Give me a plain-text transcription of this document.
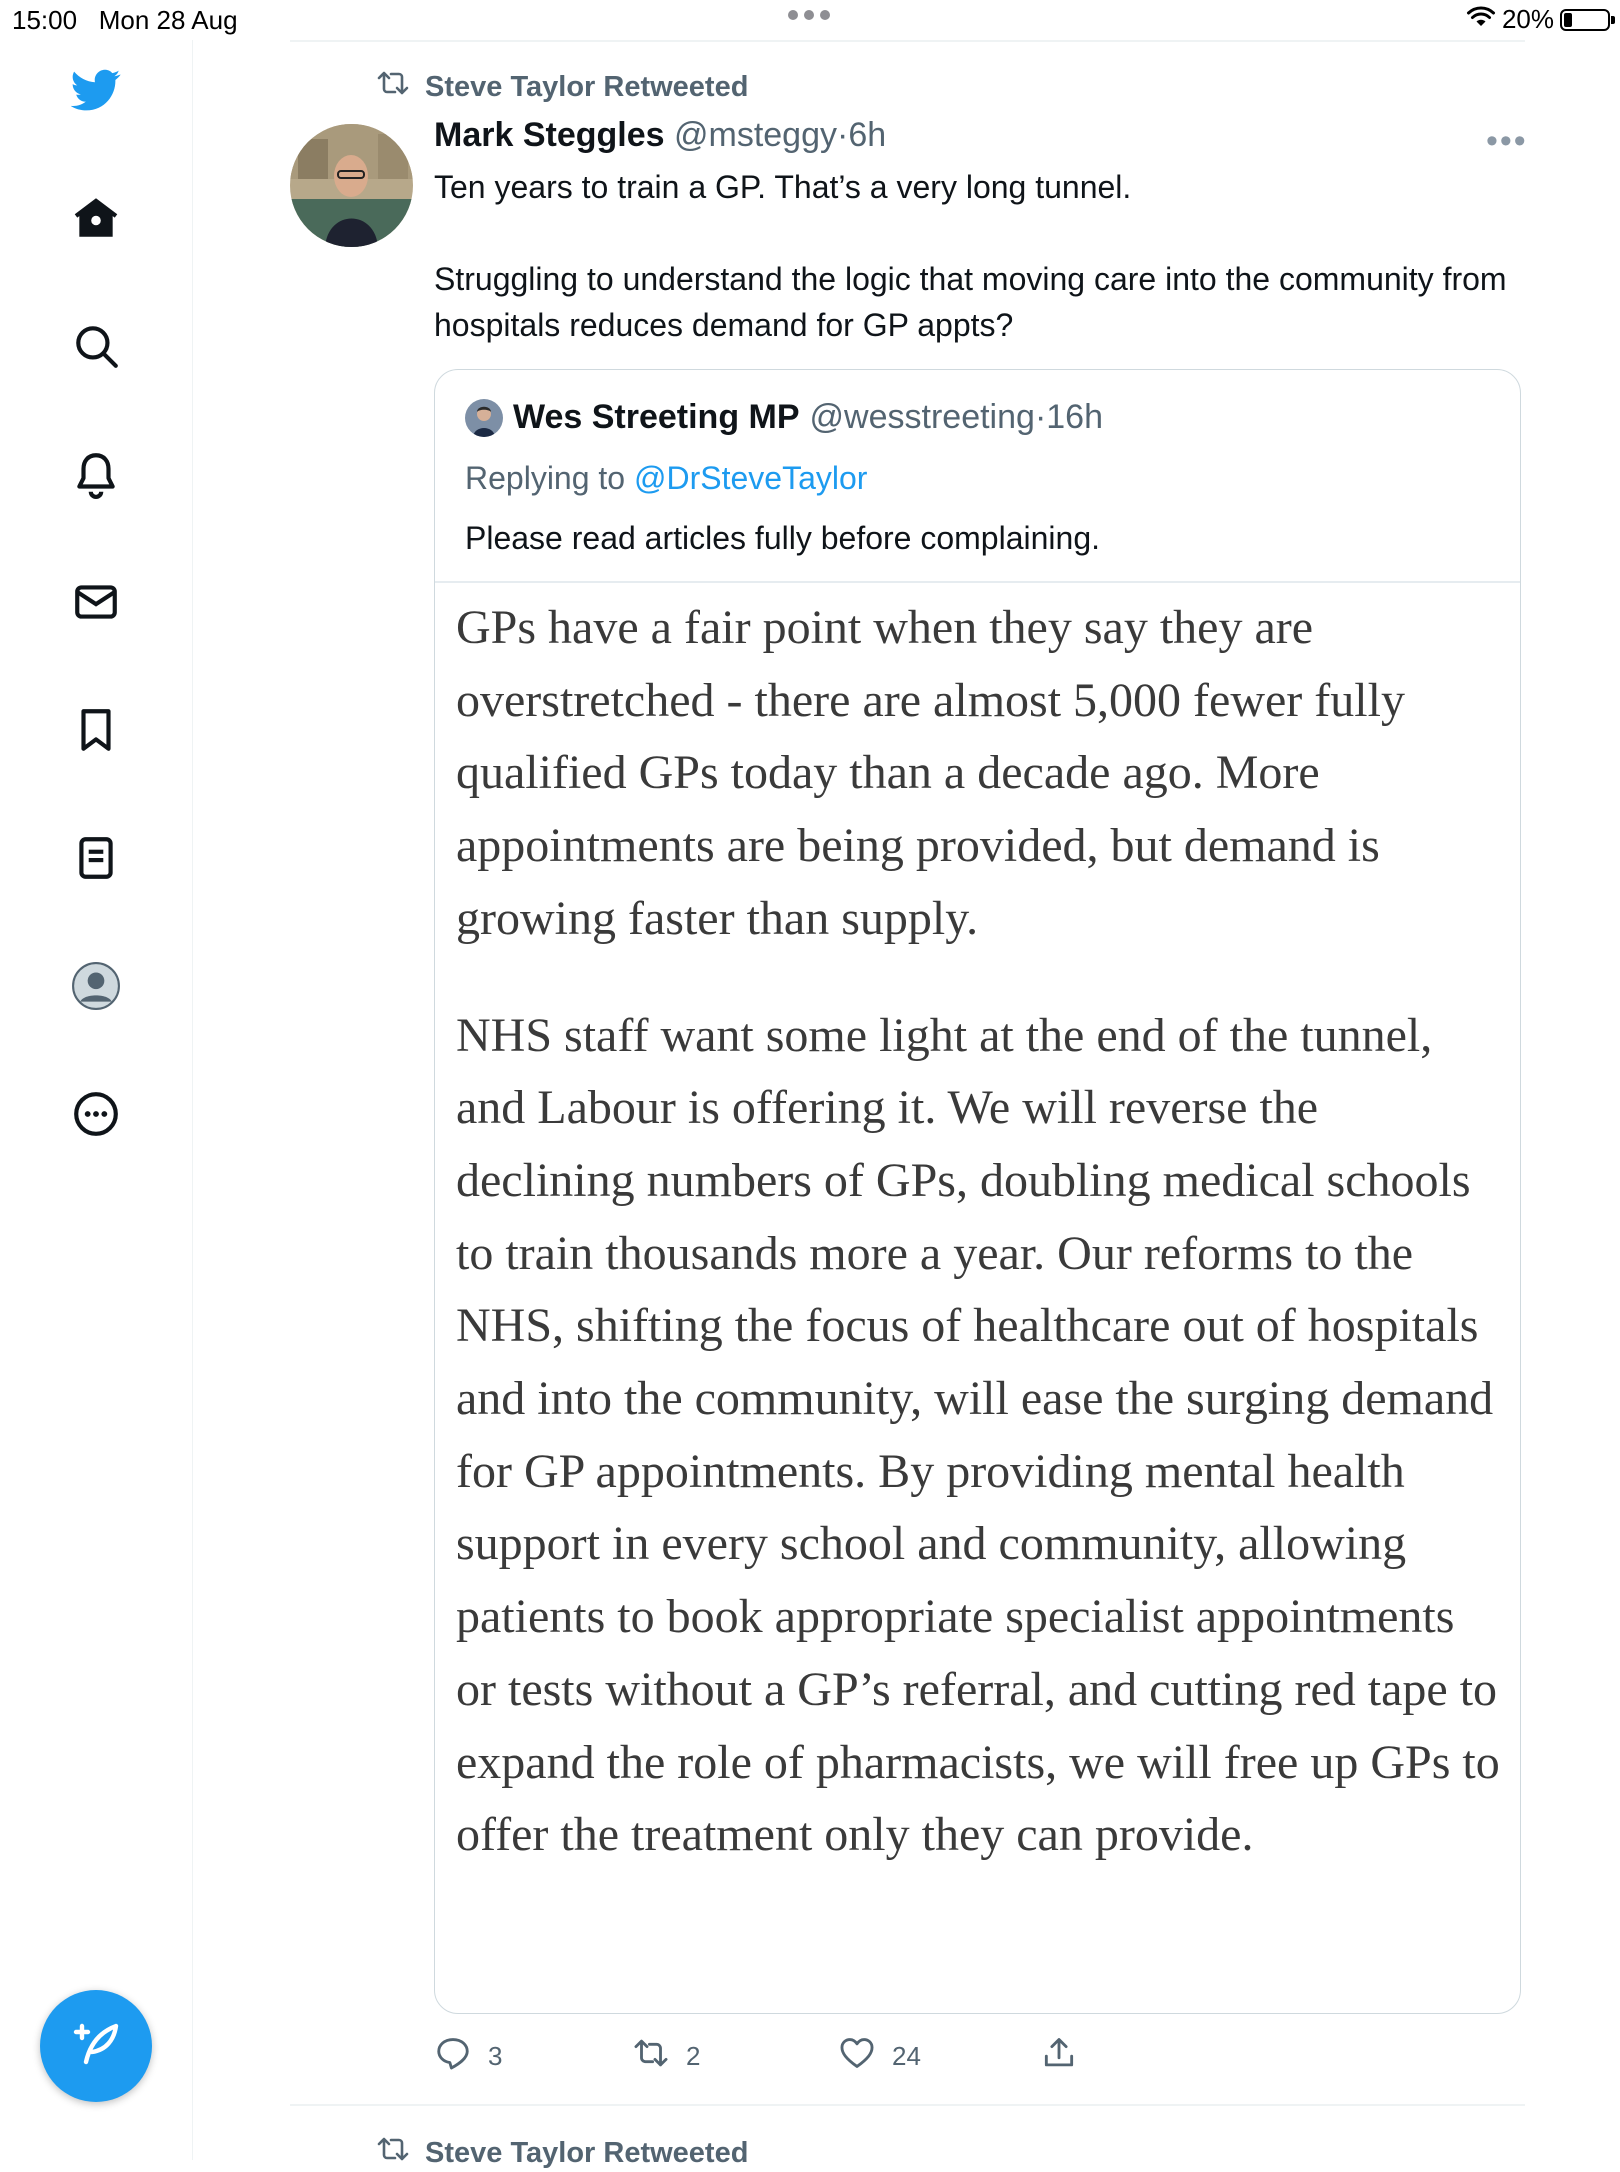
15:00 Mon 28 Aug	20%
Steve Taylor Retweeted
Mark Steggles @msteggy·6h	•••

Ten years to train a GP. That’s a very long tunnel.

Struggling to understand the logic that moving care into the community from hospitals reduces demand for GP appts?

Wes Streeting MP @wesstreeting · 16h
Replying to @DrSteveTaylor
Please read articles fully before complaining.

GPs have a fair point when they say they are overstretched - there are almost 5,000 fewer fully qualified GPs today than a decade ago. More appointments are being provided, but demand is growing faster than supply.

NHS staff want some light at the end of the tunnel, and Labour is offering it. We will reverse the declining numbers of GPs, doubling medical schools to train thousands more a year. Our reforms to the NHS, shifting the focus of healthcare out of hospitals and into the community, will ease the surging demand for GP appointments. By providing mental health support in every school and community, allowing patients to book appropriate specialist appointments or tests without a GP’s referral, and cutting red tape to expand the role of pharmacists, we will free up GPs to offer the treatment only they can provide.

3	2	24
Steve Taylor Retweeted
